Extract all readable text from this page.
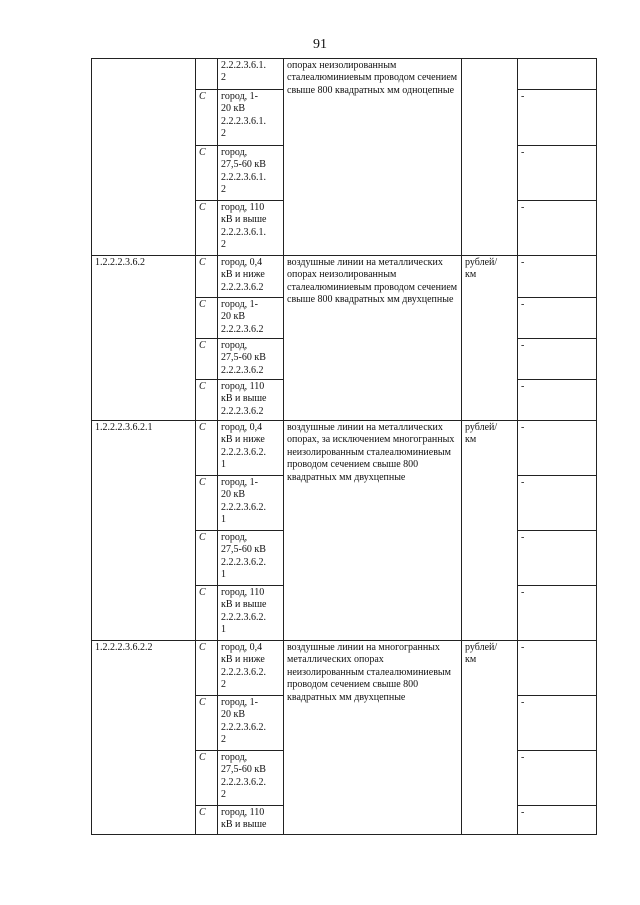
91
		2.2.2.3.6.1.
2	опорах неизолированным сталеалюминиевым проводом сечением свыше 800 квадратных мм одноцепные		
	С	город, 1-
20 кВ
2.2.2.3.6.1.
2			-
	С	город,
27,5-60 кВ
2.2.2.3.6.1.
2			-
	С	город, 110
кВ и выше
2.2.2.3.6.1.
2			-
1.2.2.2.3.6.2	С	город, 0,4
кВ и ниже
2.2.2.3.6.2	воздушные линии на металлических опорах неизолированным сталеалюминиевым проводом сечением свыше 800 квадратных мм двухцепные	рублей/
км	-
	С	город, 1-
20 кВ
2.2.2.3.6.2			-
	С	город,
27,5-60 кВ
2.2.2.3.6.2			-
	С	город, 110
кВ и выше
2.2.2.3.6.2			-
1.2.2.2.3.6.2.1	С	город, 0,4
кВ и ниже
2.2.2.3.6.2.
1	воздушные линии на металлических опорах, за исключением многогранных неизолированным сталеалюминиевым проводом сечением свыше 800 квадратных мм двухцепные	рублей/
км	-
	С	город, 1-
20 кВ
2.2.2.3.6.2.
1			-
	С	город,
27,5-60 кВ
2.2.2.3.6.2.
1			-
	С	город, 110
кВ и выше
2.2.2.3.6.2.
1			-
1.2.2.2.3.6.2.2	С	город, 0,4
кВ и ниже
2.2.2.3.6.2.
2	воздушные линии на многогранных металлических опорах неизолированным сталеалюминиевым проводом сечением свыше 800 квадратных мм двухцепные	рублей/
км	-
	С	город, 1-
20 кВ
2.2.2.3.6.2.
2			-
	С	город,
27,5-60 кВ
2.2.2.3.6.2.
2			-
	С	город, 110
кВ и выше			-
